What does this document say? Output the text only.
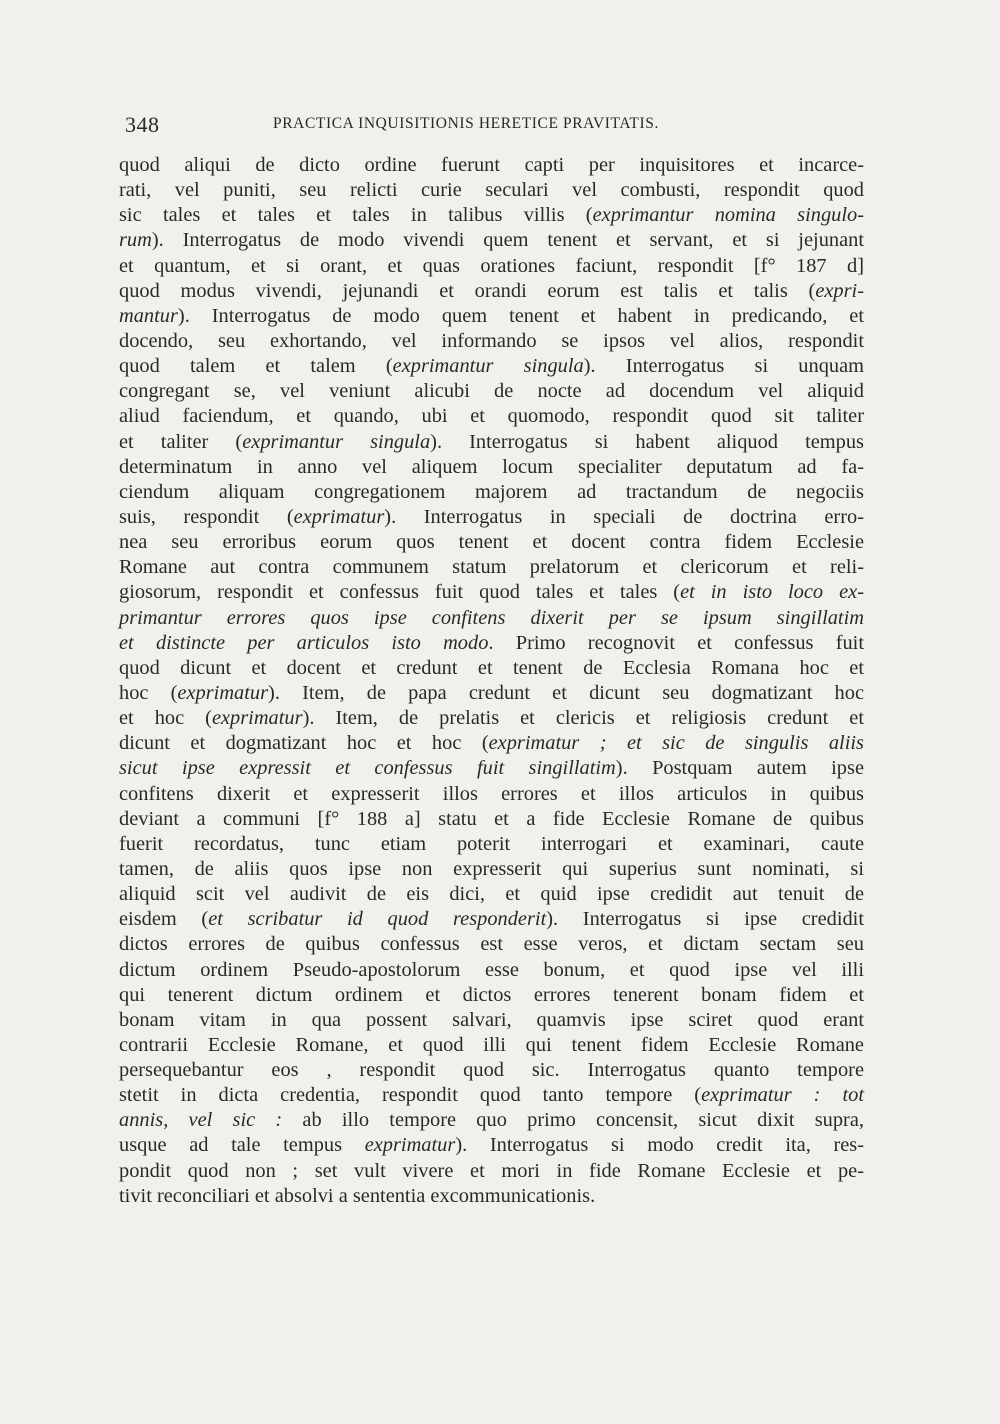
348	PRACTICA INQUISITIONIS HERETICE PRAVITATIS.
quod aliqui de dicto ordine fuerunt capti per inquisitores et incarce-
rati, vel puniti, seu relicti curie seculari vel combusti, respondit quod
sic tales et tales et tales in talibus villis (exprimantur nomina singulo-
rum). Interrogatus de modo vivendi quem tenent et servant, et si jejunant
et quantum, et si orant, et quas orationes faciunt, respondit [f° 187 d]
quod modus vivendi, jejunandi et orandi eorum est talis et talis (expri-
mantur). Interrogatus de modo quem tenent et habent in predicando, et
docendo, seu exhortando, vel informando se ipsos vel alios, respondit
quod talem et talem (exprimantur singula). Interrogatus si unquam
congregant se, vel veniunt alicubi de nocte ad docendum vel aliquid
aliud faciendum, et quando, ubi et quomodo, respondit quod sit taliter
et taliter (exprimantur singula). Interrogatus si habent aliquod tempus
determinatum in anno vel aliquem locum specialiter deputatum ad fa-
ciendum aliquam congregationem majorem ad tractandum de negociis
suis, respondit (exprimatur). Interrogatus in speciali de doctrina erro-
nea seu erroribus eorum quos tenent et docent contra fidem Ecclesie
Romane aut contra communem statum prelatorum et clericorum et reli-
giosorum, respondit et confessus fuit quod tales et tales (et in isto loco ex-
primantur errores quos ipse confitens dixerit per se ipsum singillatim
et distincte per articulos isto modo. Primo recognovit et confessus fuit
quod dicunt et docent et credunt et tenent de Ecclesia Romana hoc et
hoc (exprimatur). Item, de papa credunt et dicunt seu dogmatizant hoc
et hoc (exprimatur). Item, de prelatis et clericis et religiosis credunt et
dicunt et dogmatizant hoc et hoc (exprimatur ; et sic de singulis aliis
sicut ipse expressit et confessus fuit singillatim). Postquam autem ipse
confitens dixerit et expresserit illos errores et illos articulos in quibus
deviant a communi [f° 188 a] statu et a fide Ecclesie Romane de quibus
fuerit recordatus, tunc etiam poterit interrogari et examinari, caute
tamen, de aliis quos ipse non expresserit qui superius sunt nominati, si
aliquid scit vel audivit de eis dici, et quid ipse credidit aut tenuit de
eisdem (et scribatur id quod responderit). Interrogatus si ipse credidit
dictos errores de quibus confessus est esse veros, et dictam sectam seu
dictum ordinem Pseudo-apostolorum esse bonum, et quod ipse vel illi
qui tenerent dictum ordinem et dictos errores tenerent bonam fidem et
bonam vitam in qua possent salvari, quamvis ipse sciret quod erant
contrarii Ecclesie Romane, et quod illi qui tenent fidem Ecclesie Romane
persequebantur eos , respondit quod sic. Interrogatus quanto tempore
stetit in dicta credentia, respondit quod tanto tempore (exprimatur : tot
annis, vel sic : ab illo tempore quo primo concensit, sicut dixit supra,
usque ad tale tempus exprimatur). Interrogatus si modo credit ita, res-
pondit quod non ; set vult vivere et mori in fide Romane Ecclesie et pe-
tivit reconciliari et absolvi a sententia excommunicationis.
